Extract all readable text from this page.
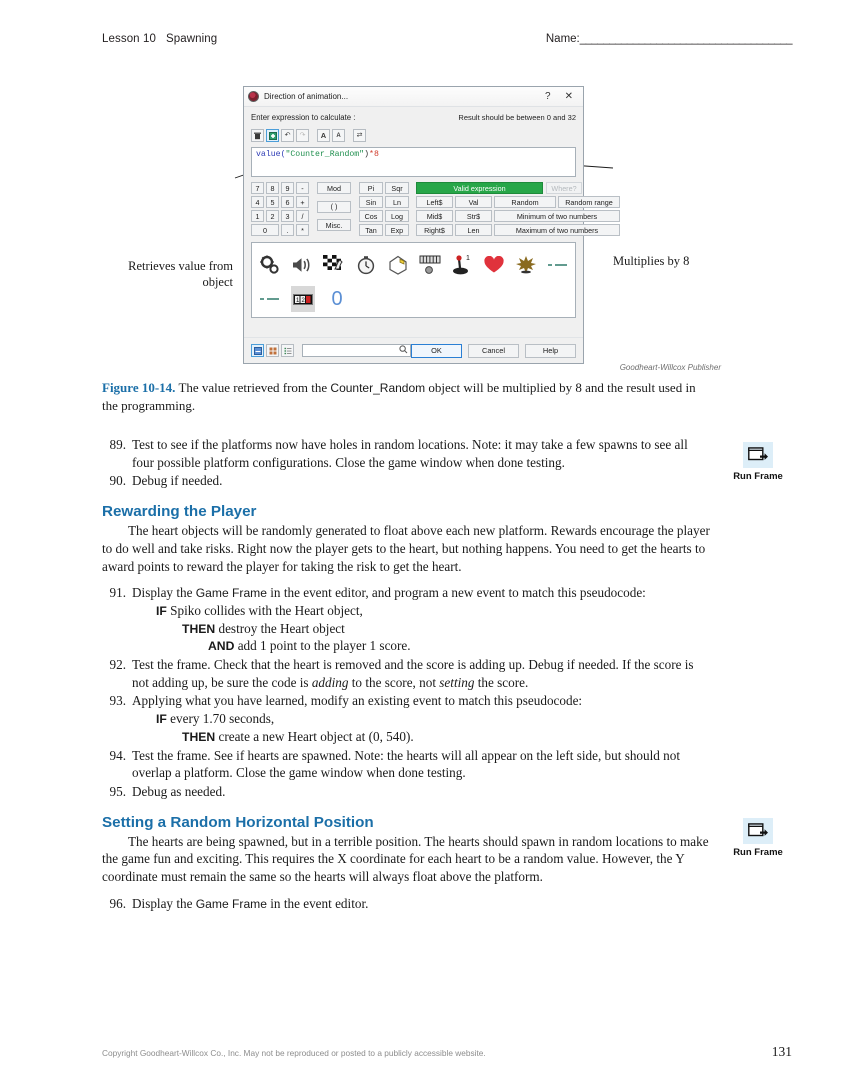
Lesson 10 Spawning	Name:____________________________________
Direction of animation...	? ✕
Enter expression to calculate :	Result should be between 0 and 32
↶	↷	A	A	⇄
value("Counter_Random")*8
7	8	9	-
4	5	6	+
1	2	3	/
0	.	*
Mod
( )
Misc.
Pi	Sqr
Sin	Ln
Cos	Log
Tan	Exp
Valid expression	Where?
Left$	Val	Random	Random range
Mid$	Str$	Minimum of two numbers
Right$	Len	Maximum of two numbers
1
1 2 0
OK	Cancel	Help
Retrieves value from object
Multiplies by 8
Goodheart-Willcox Publisher
Figure 10-14. The value retrieved from the Counter_Random object will be multiplied by 8 and the result used in the programming.
89. Test to see if the platforms now have holes in random locations. Note: it may take a few spawns to see all four possible platform configurations. Close the game window when done testing.
90. Debug if needed.
Rewarding the Player

The heart objects will be randomly generated to float above each new platform. Rewards encourage the player to do well and take risks. Right now the player gets to the heart, but nothing happens. You need to get the hearts to award points to reward the player for taking the risk to get the heart.

91. Display the Game Frame in the event editor, and program a new event to match this pseudocode:
IF Spiko collides with the Heart object,
THEN destroy the Heart object
AND add 1 point to the player 1 score.
92. Test the frame. Check that the heart is removed and the score is adding up. Debug if needed. If the score is not adding up, be sure the code is adding to the score, not setting the score.
93. Applying what you have learned, modify an existing event to match this pseudocode:
IF every 1.70 seconds,
THEN create a new Heart object at (0, 540).
94. Test the frame. See if hearts are spawned. Note: the hearts will all appear on the left side, but should not overlap a platform. Close the game window when done testing.
95. Debug as needed.
Setting a Random Horizontal Position

The hearts are being spawned, but in a terrible position. The hearts should spawn in random locations to make the game fun and exciting. This requires the X coordinate for each heart to be a random value. However, the Y coordinate must remain the same so the hearts will always float above the platform.

96. Display the Game Frame in the event editor.
Run Frame
Run Frame
Copyright Goodheart-Willcox Co., Inc. May not be reproduced or posted to a publicly accessible website.	131
